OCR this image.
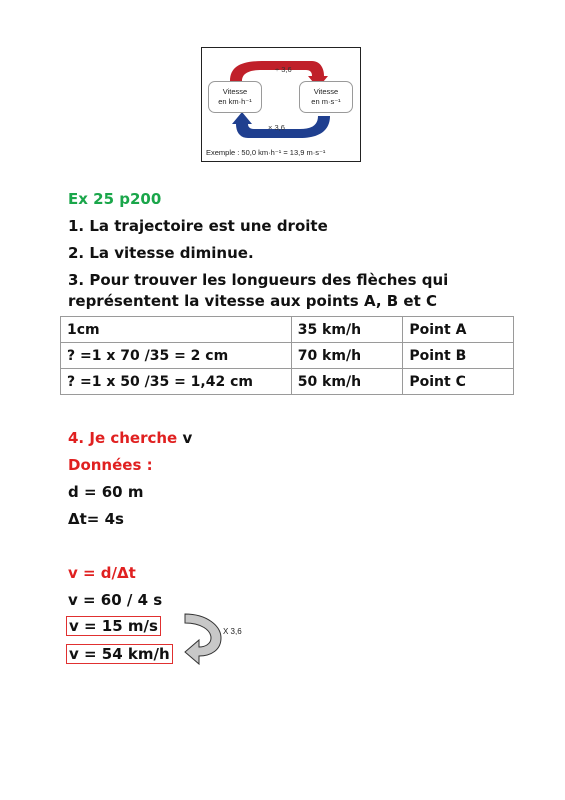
÷ 3,6
Vitesse
en km·h⁻¹
Vitesse
en m·s⁻¹
× 3,6
Exemple : 50,0 km·h⁻¹ = 13,9 m·s⁻¹
Ex 25 p200
1. La trajectoire est une droite
2. La vitesse diminue.
3. Pour trouver les longueurs des flèches qui
représentent la vitesse aux points A, B et C
1cm	35 km/h	Point A
? =1 x 70 /35 = 2 cm	70 km/h	Point B
? =1 x 50 /35 = 1,42 cm	50 km/h	Point C
4. Je cherche v
Données :
d = 60 m
Δt= 4s
v = d/Δt
v = 60 / 4 s
v = 15 m/s
v = 54 km/h
X 3,6
